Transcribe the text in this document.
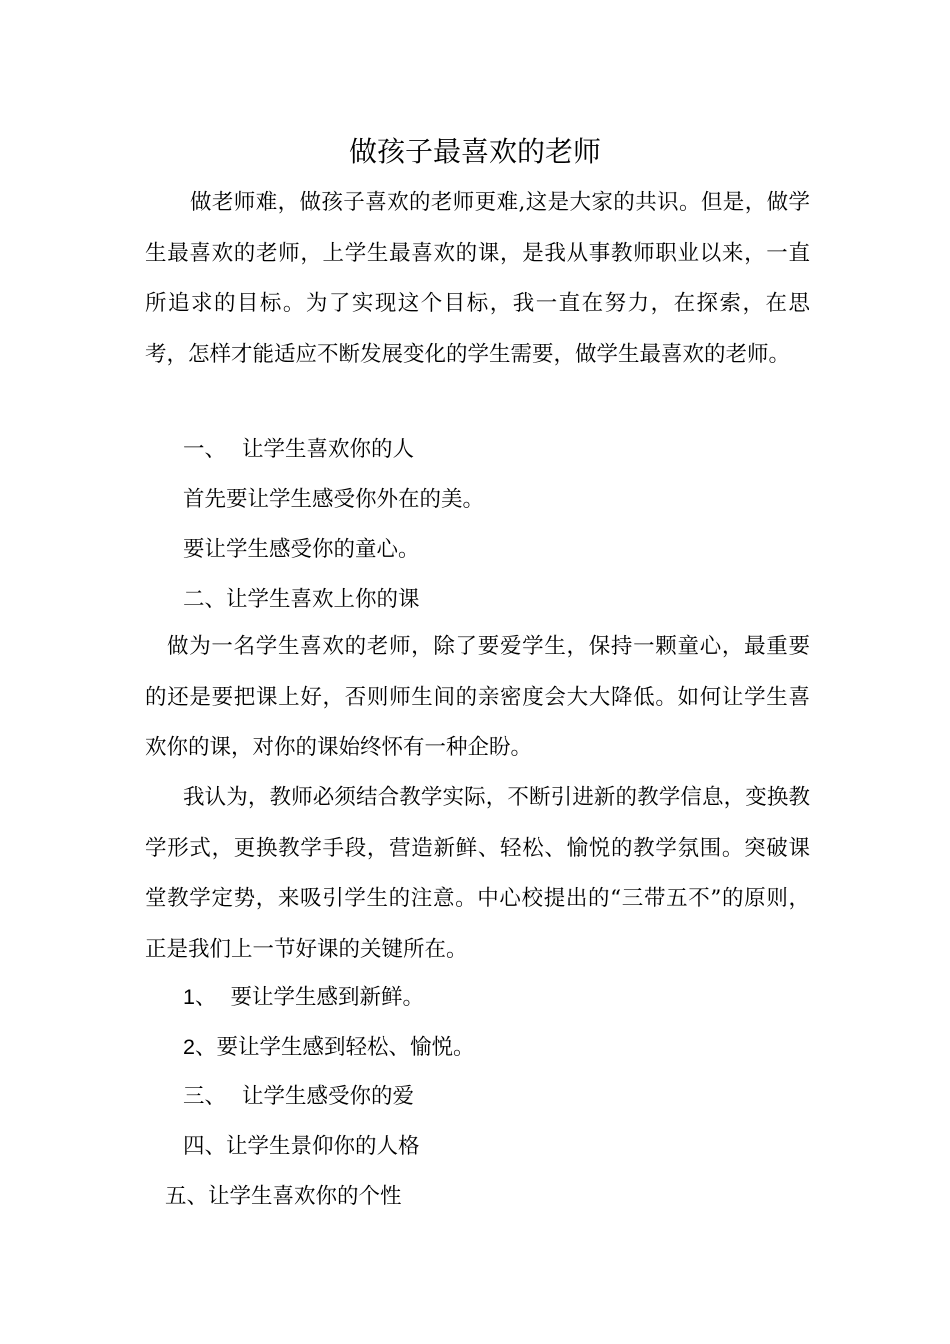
做孩子最喜欢的老师

做老师难，做孩子喜欢的老师更难,这是大家的共识。但是，做学生最喜欢的老师，上学生最喜欢的课，是我从事教师职业以来，一直所追求的目标。为了实现这个目标，我一直在努力，在探索，在思考，怎样才能适应不断发展变化的学生需要，做学生最喜欢的老师。

一、 让学生喜欢你的人
首先要让学生感受你外在的美。
要让学生感受你的童心。
二、让学生喜欢上你的课

做为一名学生喜欢的老师，除了要爱学生，保持一颗童心，最重要的还是要把课上好，否则师生间的亲密度会大大降低。如何让学生喜欢你的课，对你的课始终怀有一种企盼。

我认为，教师必须结合教学实际，不断引进新的教学信息，变换教学形式，更换教学手段，营造新鲜、轻松、愉悦的教学氛围。突破课堂教学定势，来吸引学生的注意。中心校提出的“三带五不”的原则，正是我们上一节好课的关键所在。

1、 要让学生感到新鲜。
2、要让学生感到轻松、愉悦。
三、 让学生感受你的爱
四、让学生景仰你的人格
五、让学生喜欢你的个性
